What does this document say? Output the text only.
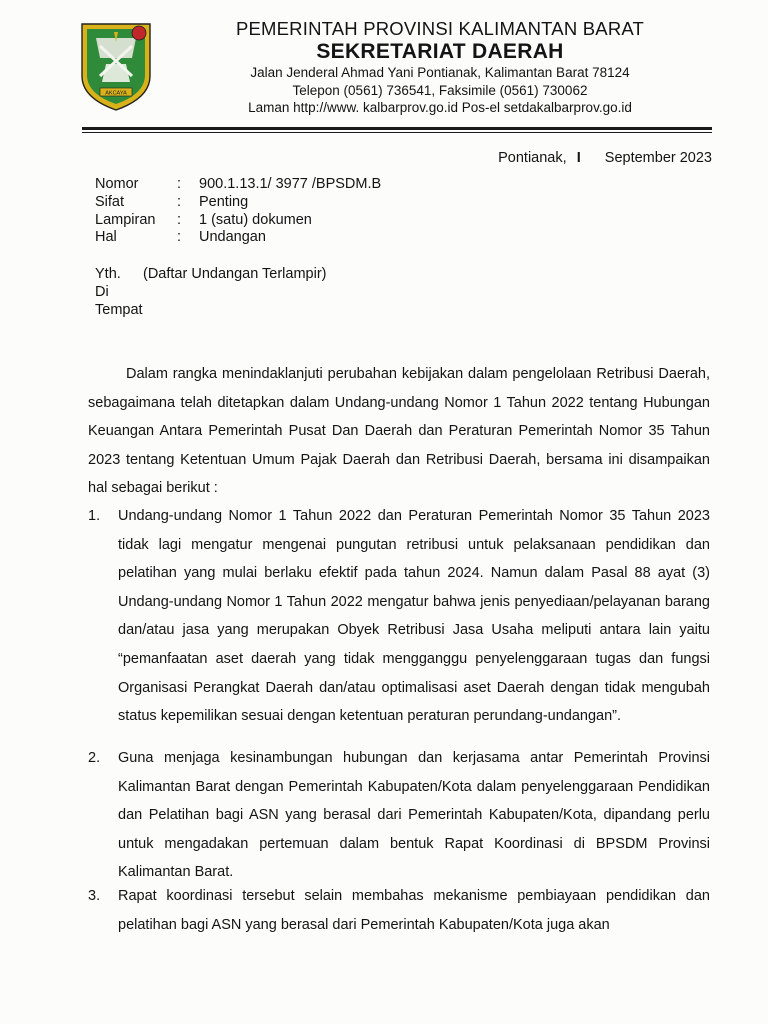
AKCAYA
PEMERINTAH PROVINSI KALIMANTAN BARAT
SEKRETARIAT DAERAH
Jalan Jenderal Ahmad Yani Pontianak, Kalimantan Barat 78124
Telepon (0561) 736541, Faksimile (0561) 730062
Laman http://www. kalbarprov.go.id Pos-el setdakalbarprov.go.id
Pontianak, I September 2023
Nomor	:	900.1.13.1/ 3977 /BPSDM.B
Sifat	:	Penting
Lampiran	:	1 (satu) dokumen
Hal	:	Undangan
Yth. (Daftar Undangan Terlampir)
Di
Tempat
Dalam rangka menindaklanjuti perubahan kebijakan dalam pengelolaan Retribusi Daerah, sebagaimana telah ditetapkan dalam Undang-undang Nomor 1 Tahun 2022 tentang Hubungan Keuangan Antara Pemerintah Pusat Dan Daerah dan Peraturan Pemerintah Nomor 35 Tahun 2023 tentang Ketentuan Umum Pajak Daerah dan Retribusi Daerah, bersama ini disampaikan hal sebagai berikut :
1.	Undang-undang Nomor 1 Tahun 2022 dan Peraturan Pemerintah Nomor 35 Tahun 2023 tidak lagi mengatur mengenai pungutan retribusi untuk pelaksanaan pendidikan dan pelatihan yang mulai berlaku efektif pada tahun 2024. Namun dalam Pasal 88 ayat (3) Undang-undang Nomor 1 Tahun 2022 mengatur bahwa jenis penyediaan/pelayanan barang dan/atau jasa yang merupakan Obyek Retribusi Jasa Usaha meliputi antara lain yaitu “pemanfaatan aset daerah yang tidak mengganggu penyelenggaraan tugas dan fungsi Organisasi Perangkat Daerah dan/atau optimalisasi aset Daerah dengan tidak mengubah status kepemilikan sesuai dengan ketentuan peraturan perundang-undangan”.
2.	Guna menjaga kesinambungan hubungan dan kerjasama antar Pemerintah Provinsi Kalimantan Barat dengan Pemerintah Kabupaten/Kota dalam penyelenggaraan Pendidikan dan Pelatihan bagi ASN yang berasal dari Pemerintah Kabupaten/Kota, dipandang perlu untuk mengadakan pertemuan dalam bentuk Rapat Koordinasi di BPSDM Provinsi Kalimantan Barat.
3.	Rapat koordinasi tersebut selain membahas mekanisme pembiayaan pendidikan dan pelatihan bagi ASN yang berasal dari Pemerintah Kabupaten/Kota juga akan
